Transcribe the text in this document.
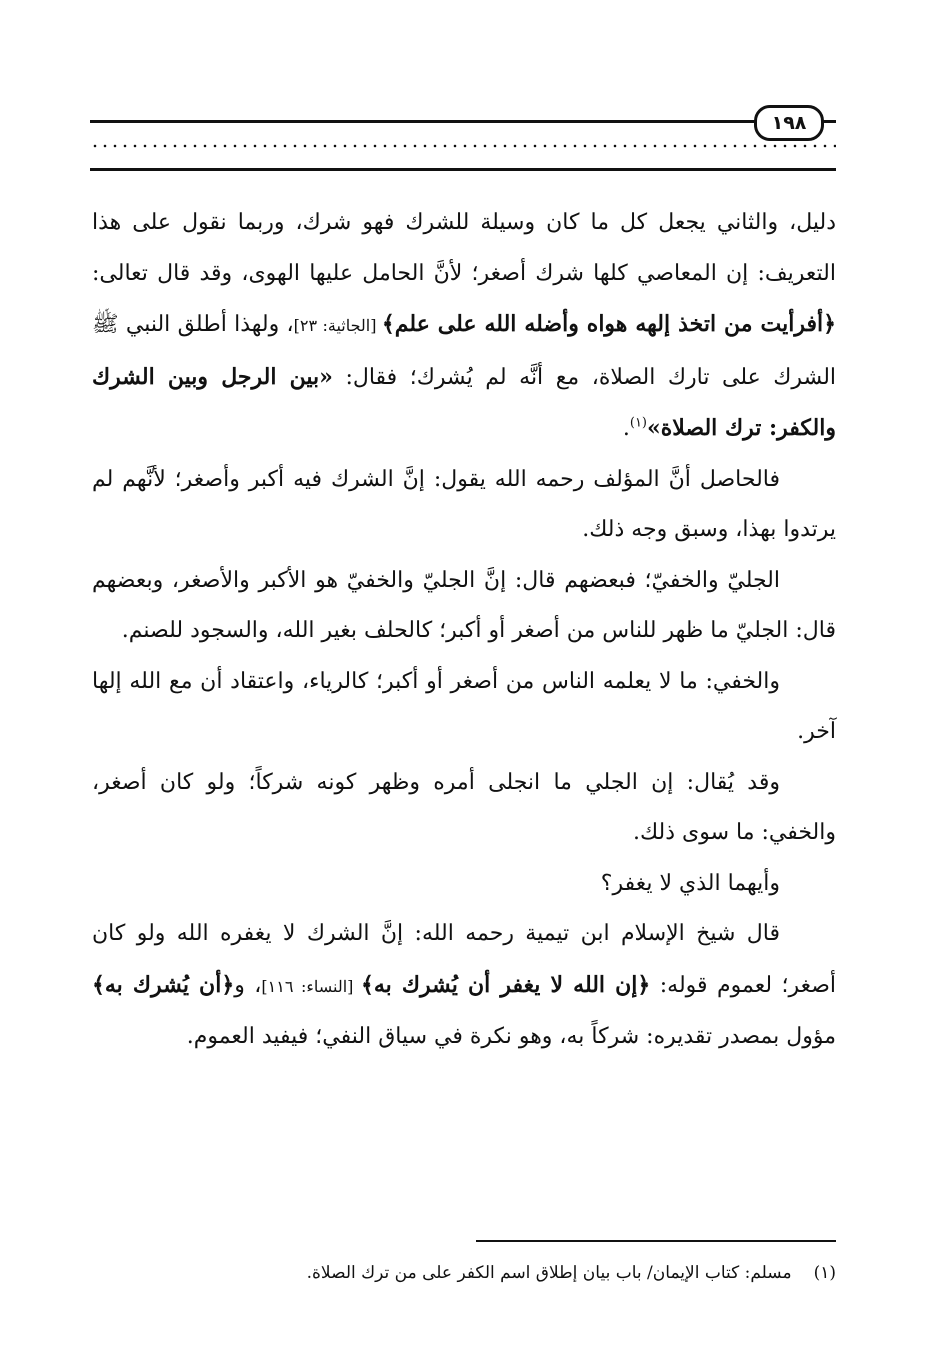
١٩٨

دليل، والثاني يجعل كل ما كان وسيلة للشرك فهو شرك، وربما نقول على هذا التعريف: إن المعاصي كلها شرك أصغر؛ لأنَّ الحامل عليها الهوى، وقد قال تعالى: ﴿أفرأيت من اتخذ إلهه هواه وأضله الله على علم﴾ [الجاثية: ٢٣]، ولهذا أطلق النبي ﷺ الشرك على تارك الصلاة، مع أنَّه لم يُشرك؛ فقال: «بين الرجل وبين الشرك والكفر: ترك الصلاة»$^{(١)}$.

فالحاصل أنَّ المؤلف رحمه الله يقول: إنَّ الشرك فيه أكبر وأصغر؛ لأنَّهم لم يرتدوا بهذا، وسبق وجه ذلك.

الجليّ والخفيّ؛ فبعضهم قال: إنَّ الجليّ والخفيّ هو الأكبر والأصغر، وبعضهم قال: الجليّ ما ظهر للناس من أصغر أو أكبر؛ كالحلف بغير الله، والسجود للصنم.

والخفي: ما لا يعلمه الناس من أصغر أو أكبر؛ كالرياء، واعتقاد أن مع الله إلها آخر.

وقد يُقال: إن الجلي ما انجلى أمره وظهر كونه شركاً؛ ولو كان أصغر، والخفي: ما سوى ذلك.

وأيهما الذي لا يغفر؟

قال شيخ الإسلام ابن تيمية رحمه الله: إنَّ الشرك لا يغفره الله ولو كان أصغر؛ لعموم قوله: ﴿إن الله لا يغفر أن يُشرك به﴾ [النساء: ١١٦]، و﴿أن يُشرك به﴾ مؤول بمصدر تقديره: شركاً به، وهو نكرة في سياق النفي؛ فيفيد العموم.

(١)مسلم: كتاب الإيمان/ باب بيان إطلاق اسم الكفر على من ترك الصلاة.
